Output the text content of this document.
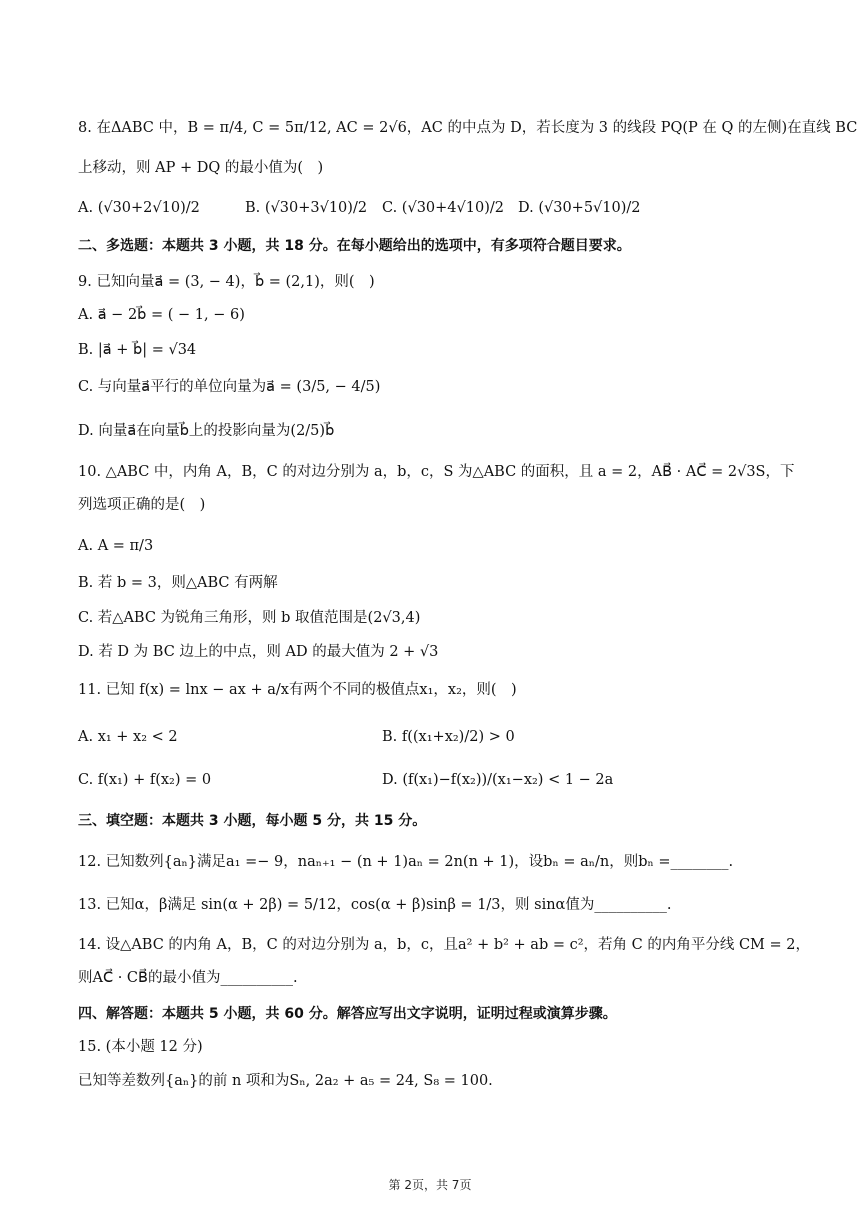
8. 在ΔABC 中，B = π/4, C = 5π/12, AC = 2√6，AC 的中点为 D，若长度为 3 的线段 PQ(P 在 Q 的左侧)在直线 BC
上移动，则 AP + DQ 的最小值为(　)
A. (√30+2√10)/2	B. (√30+3√10)/2 C. (√30+4√10)/2 D. (√30+5√10)/2
二、多选题：本题共 3 小题，共 18 分。在每小题给出的选项中，有多项符合题目要求。
9. 已知向量a⃗ = (3, − 4)，b⃗ = (2,1)，则(　)
A. a⃗ − 2b⃗ = ( − 1, − 6)
B. |a⃗ + b⃗| = √34
C. 与向量a⃗平行的单位向量为a⃗ = (3/5, − 4/5)
D. 向量a⃗在向量b⃗上的投影向量为(2/5)b⃗
10. △ABC 中，内角 A，B，C 的对边分别为 a，b，c，S 为△ABC 的面积，且 a = 2，AB⃗ · AC⃗ = 2√3S，下
列选项正确的是(　)
A. A = π/3
B. 若 b = 3，则△ABC 有两解
C. 若△ABC 为锐角三角形，则 b 取值范围是(2√3,4)
D. 若 D 为 BC 边上的中点，则 AD 的最大值为 2 + √3
11. 已知 f(x) = lnx − ax + a/x有两个不同的极值点x₁，x₂，则(　)
A. x₁ + x₂ < 2	B. f((x₁+x₂)/2) > 0
C. f(x₁) + f(x₂) = 0	D. (f(x₁)−f(x₂))/(x₁−x₂) < 1 − 2a
三、填空题：本题共 3 小题，每小题 5 分，共 15 分。
12. 已知数列{aₙ}满足a₁ =− 9，naₙ₊₁ − (n + 1)aₙ = 2n(n + 1)，设bₙ = aₙ/n，则bₙ =________.
13. 已知α，β满足 sin(α + 2β) = 5/12，cos(α + β)sinβ = 1/3，则 sinα值为__________.
14. 设△ABC 的内角 A，B，C 的对边分别为 a，b，c，且a² + b² + ab = c²，若角 C 的内角平分线 CM = 2，
则AC⃗ · CB⃗的最小值为__________.
四、解答题：本题共 5 小题，共 60 分。解答应写出文字说明，证明过程或演算步骤。
15. (本小题 12 分)
已知等差数列{aₙ}的前 n 项和为Sₙ, 2a₂ + a₅ = 24, S₈ = 100.
第 2页，共 7页
